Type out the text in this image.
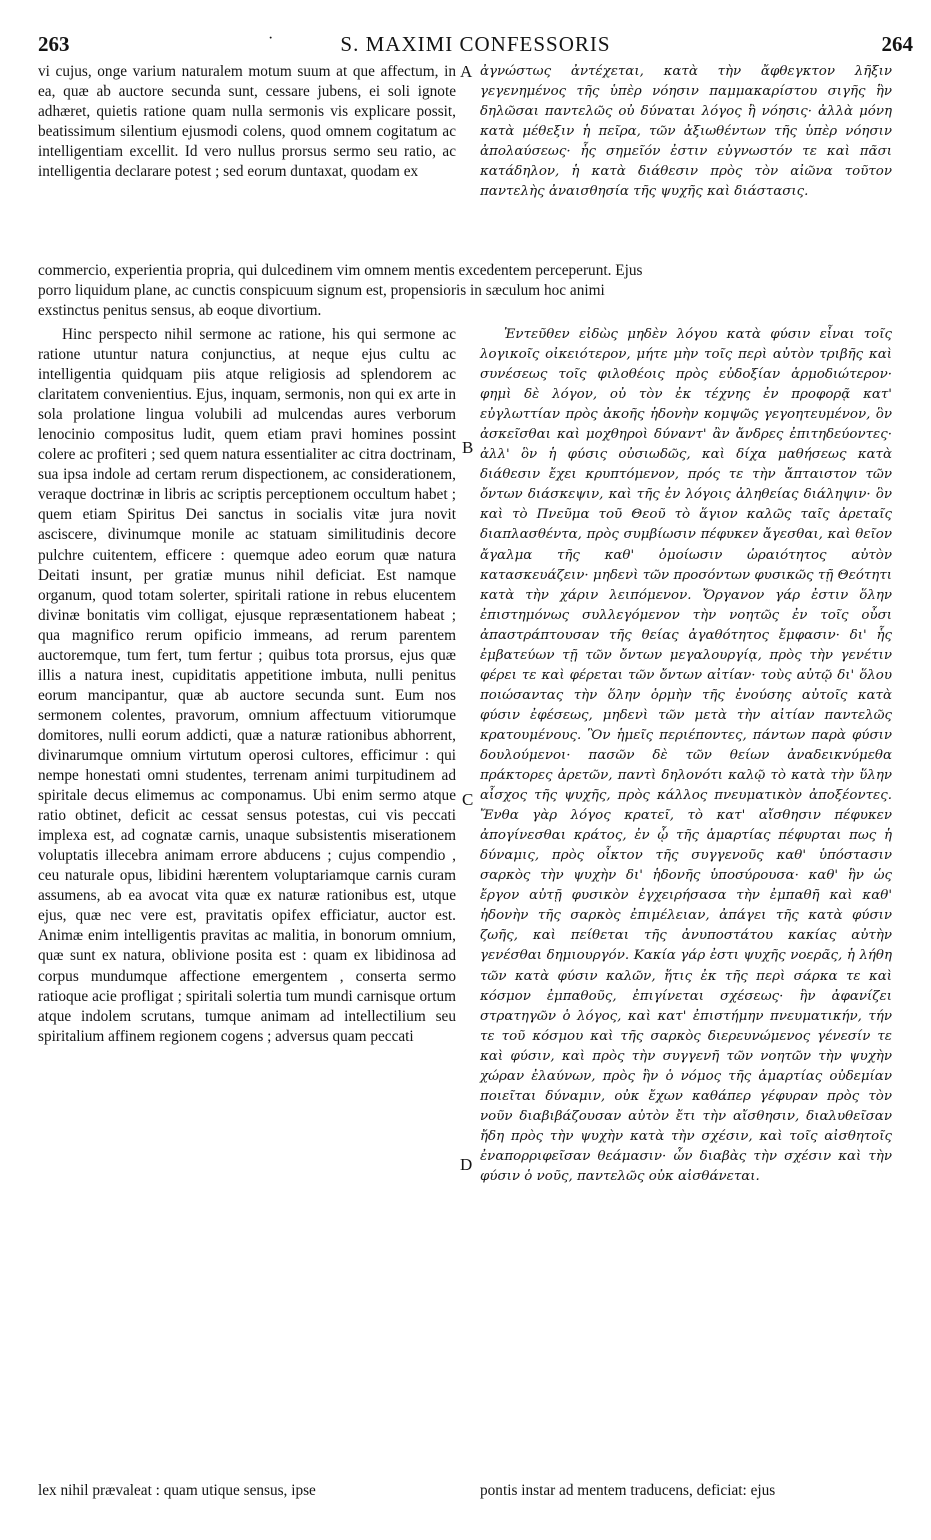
263	·	S. MAXIMI CONFESSORIS	264
A
B
C
D

vi cujus, onge varium naturalem motum suum at que affectum, in ea, quæ ab auctore secunda sunt, cessare jubens, ei soli ignote adhæret, quietis ratione quam nulla sermonis vis explicare possit, beatissimum silentium ejusmodi colens, quod omnem cogitatum ac intelligentiam excellit. Id vero nullus prorsus sermo seu ratio, ac intelligentia declarare potest ; sed eorum duntaxat, quodam ex

ἀγνώστως ἀντέχεται, κατὰ τὴν ἄφθεγκτον λῆξιν γεγενημένος τῆς ὑπὲρ νόησιν παμμακαρίστου σιγῆς ἣν δηλῶσαι παντελῶς οὐ δύναται λόγος ἢ νόησις· ἀλλὰ μόνη κατὰ μέθεξιν ἡ πεῖρα, τῶν ἀξιωθέντων τῆς ὑπὲρ νόησιν ἀπολαύσεως· ἧς σημεῖόν ἐστιν εὐγνωστόν τε καὶ πᾶσι κατάδηλον, ἡ κατὰ διάθεσιν πρὸς τὸν αἰῶνα τοῦτον παντελὴς ἀναισθησία τῆς ψυχῆς καὶ διάστασις.

commercio, experientia propria, qui dulcedinem vim omnem mentis excedentem perceperunt. Ejus
porro liquidum plane, ac cunctis conspicuum signum est, propensioris in sæculum hoc animi
exstinctus penitus sensus, ab eoque divortium.

Hinc perspecto nihil sermone ac ratione, his qui sermone ac ratione utuntur natura conjunctius, at neque ejus cultu ac intelligentia quidquam piis atque religiosis ad splendorem ac claritatem convenientius. Ejus, inquam, sermonis, non qui ex arte in sola prolatione lingua volubili ad mulcendas aures verborum lenocinio compositus ludit, quem etiam pravi homines possint colere ac profiteri ; sed quem natura essentialiter ac citra doctrinam, sua ipsa indole ad certam rerum dispectionem, ac considerationem, veraque doctrinæ in libris ac scriptis perceptionem occultum habet ; quem etiam Spiritus Dei sanctus in socialis vitæ jura novit asciscere, divinumque monile ac statuam similitudinis decore pulchre cuitentem, efficere : quemque adeo eorum quæ natura Deitati insunt, per gratiæ munus nihil deficiat. Est namque organum, quod totam solerter, spiritali ratione in rebus elucentem divinæ bonitatis vim colligat, ejusque repræsentationem habeat ; qua magnifico rerum opificio immeans, ad rerum parentem auctoremque, tum fert, tum fertur ; quibus tota prorsus, ejus quæ illis a natura inest, cupiditatis appetitione imbuta, nulli penitus eorum mancipantur, quæ ab auctore secunda sunt. Eum nos sermonem colentes, pravorum, omnium affectuum vitiorumque domitores, nulli eorum addicti, quæ a naturæ rationibus abhorrent, divinarumque omnium virtutum operosi cultores, efficimur : qui nempe honestati omni studentes, terrenam animi turpitudinem ad spiritale decus elimemus ac componamus. Ubi enim sermo atque ratio obtinet, deficit ac cessat sensus potestas, cui vis peccati implexa est, ad cognatæ carnis, unaque subsistentis miserationem voluptatis illecebra animam errore abducens ; cujus compendio , ceu naturale opus, libidini hærentem voluptariamque carnis curam assumens, ab ea avocat vita quæ ex naturæ rationibus est, utque ejus, quæ nec vere est, pravitatis opifex efficiatur, auctor est. Animæ enim intelligentis pravitas ac malitia, in bonorum omnium, quæ sunt ex natura, oblivione posita est : quam ex libidinosa ad corpus mundumque affectione emergentem , conserta sermo ratioque acie profligat ; spiritali solertia tum mundi carnisque ortum atque indolem scrutans, tumque animam ad intellectilium seu spiritalium affinem regionem cogens ; adversus quam peccati

Ἐντεῦθεν εἰδὼς μηδὲν λόγου κατὰ φύσιν εἶναι τοῖς λογικοῖς οἰκειότερον, μήτε μὴν τοῖς περὶ αὐτὸν τριβῆς καὶ συνέσεως τοῖς φιλοθέοις πρὸς εὐδοξίαν ἁρμοδιώτερον· φημὶ δὲ λόγον, οὐ τὸν ἐκ τέχνης ἐν προφορᾷ κατ' εὐγλωττίαν πρὸς ἀκοῆς ἡδονὴν κομψῶς γεγοητευμένον, ὃν ἀσκεῖσθαι καὶ μοχθηροὶ δύναντ' ἂν ἄνδρες ἐπιτηδεύοντες· ἀλλ' ὃν ἡ φύσις οὐσιωδῶς, καὶ δίχα μαθήσεως κατὰ διάθεσιν ἔχει κρυπτόμενον, πρός τε τὴν ἄπταιστον τῶν ὄντων διάσκεψιν, καὶ τῆς ἐν λόγοις ἀληθείας διάληψιν· ὃν καὶ τὸ Πνεῦμα τοῦ Θεοῦ τὸ ἅγιον καλῶς ταῖς ἀρεταῖς διαπλασθέντα, πρὸς συμβίωσιν πέφυκεν ἄγεσθαι, καὶ θεῖον ἄγαλμα τῆς καθ' ὁμοίωσιν ὡραιότητος αὐτὸν κατασκευάζειν· μηδενὶ τῶν προσόντων φυσικῶς τῇ Θεότητι κατὰ τὴν χάριν λειπόμενον. Ὄργανον γάρ ἐστιν ὅλην ἐπιστημόνως συλλεγόμενον τὴν νοητῶς ἐν τοῖς οὖσι ἀπαστράπτουσαν τῆς θείας ἀγαθότητος ἔμφασιν· δι' ἧς ἐμβατεύων τῇ τῶν ὄντων μεγαλουργίᾳ, πρὸς τὴν γενέτιν φέρει τε καὶ φέρεται τῶν ὄντων αἰτίαν· τοὺς αὐτῷ δι' ὅλου ποιώσαντας τὴν ὅλην ὁρμὴν τῆς ἐνούσης αὐτοῖς κατὰ φύσιν ἐφέσεως, μηδενὶ τῶν μετὰ τὴν αἰτίαν παντελῶς κρατουμένους. Ὃν ἡμεῖς περιέποντες, πάντων παρὰ φύσιν δουλούμενοι· πασῶν δὲ τῶν θείων ἀναδεικνύμεθα πράκτορες ἀρετῶν, παντὶ δηλονότι καλῷ τὸ κατὰ τὴν ὕλην αἶσχος τῆς ψυχῆς, πρὸς κάλλος πνευματικὸν ἀποξέοντες. Ἔνθα γὰρ λόγος κρατεῖ, τὸ κατ' αἴσθησιν πέφυκεν ἀπογίνεσθαι κράτος, ἐν ᾧ τῆς ἁμαρτίας πέφυρται πως ἡ δύναμις, πρὸς οἶκτον τῆς συγγενοῦς καθ' ὑπόστασιν σαρκὸς τὴν ψυχὴν δι' ἡδονῆς ὑποσύρουσα· καθ' ἣν ὡς ἔργον αὐτῇ φυσικὸν ἐγχειρήσασα τὴν ἐμπαθῆ καὶ καθ' ἡδονὴν τῆς σαρκὸς ἐπιμέλειαν, ἀπάγει τῆς κατὰ φύσιν ζωῆς, καὶ πείθεται τῆς ἀνυποστάτου κακίας αὐτὴν γενέσθαι δημιουργόν. Κακία γάρ ἐστι ψυχῆς νοερᾶς, ἡ λήθη τῶν κατὰ φύσιν καλῶν, ἥτις ἐκ τῆς περὶ σάρκα τε καὶ κόσμον ἐμπαθοῦς, ἐπιγίνεται σχέσεως· ἣν ἀφανίζει στρατηγῶν ὁ λόγος, καὶ κατ' ἐπιστήμην πνευματικήν, τήν τε τοῦ κόσμου καὶ τῆς σαρκὸς διερευνώμενος γένεσίν τε καὶ φύσιν, καὶ πρὸς τὴν συγγενῆ τῶν νοητῶν τὴν ψυχὴν χώραν ἐλαύνων, πρὸς ἣν ὁ νόμος τῆς ἁμαρτίας οὐδεμίαν ποιεῖται δύναμιν, οὐκ ἔχων καθάπερ γέφυραν πρὸς τὸν νοῦν διαβιβάζουσαν αὐτὸν ἔτι τὴν αἴσθησιν, διαλυθεῖσαν ἤδη πρὸς τὴν ψυχὴν κατὰ τὴν σχέσιν, καὶ τοῖς αἰσθητοῖς ἐναπορριφεῖσαν θεάμασιν· ὧν διαβὰς τὴν σχέσιν καὶ τὴν φύσιν ὁ νοῦς, παντελῶς οὐκ αἰσθάνεται.

lex nihil prævaleat : quam utique sensus, ipse	pontis instar ad mentem traducens, deficiat: ejus
